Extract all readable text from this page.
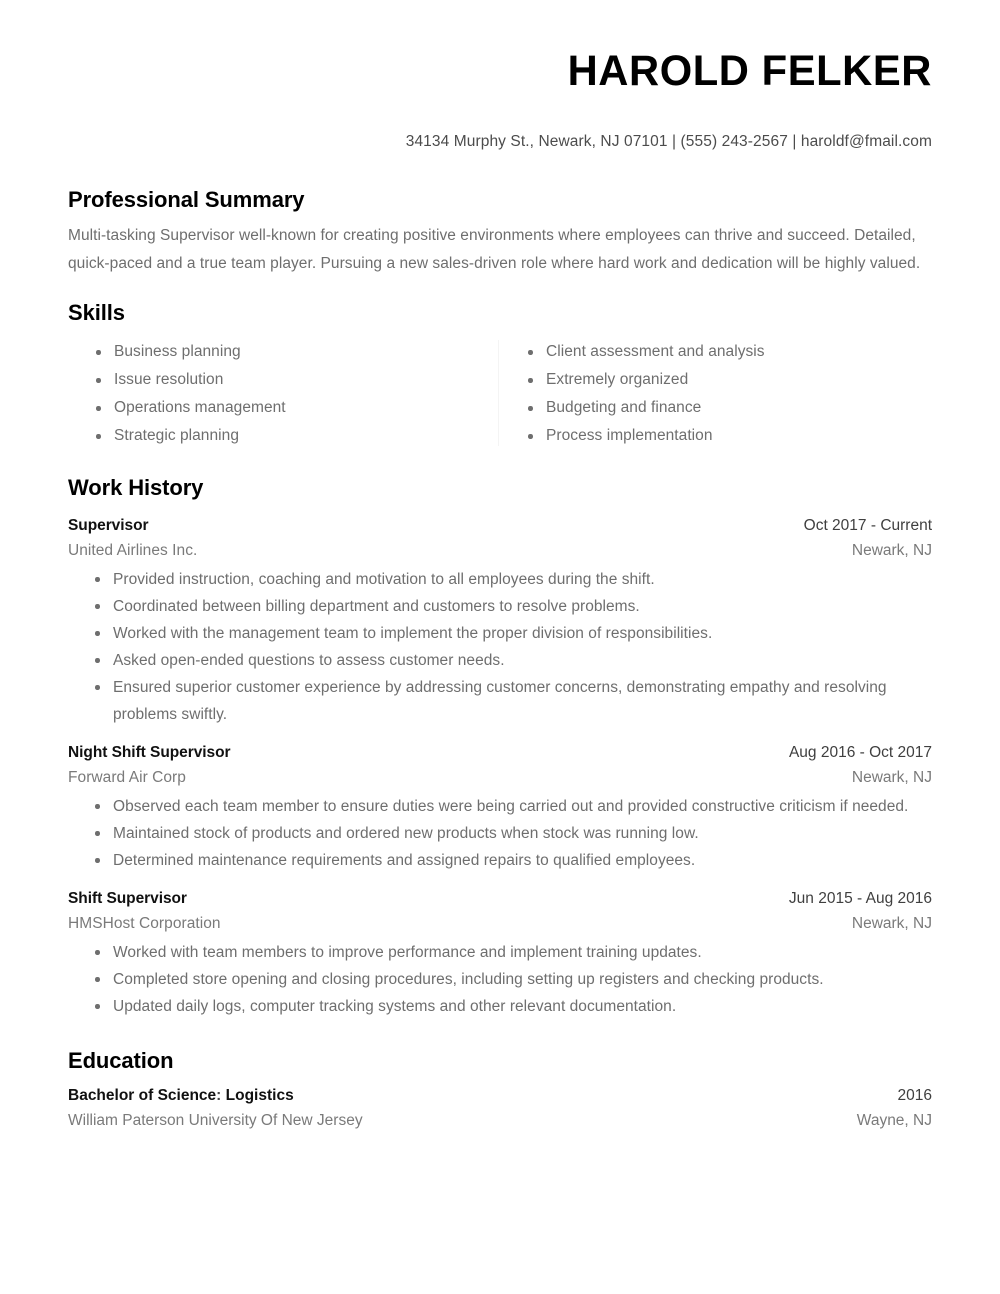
HAROLD FELKER
34134 Murphy St., Newark, NJ 07101 | (555) 243-2567 | haroldf@fmail.com
Professional Summary
Multi-tasking Supervisor well-known for creating positive environments where employees can thrive and succeed. Detailed, quick-paced and a true team player. Pursuing a new sales-driven role where hard work and dedication will be highly valued.
Skills
Business planning
Issue resolution
Operations management
Strategic planning
Client assessment and analysis
Extremely organized
Budgeting and finance
Process implementation
Work History
Supervisor	Oct 2017 - Current
United Airlines Inc.	Newark, NJ
Provided instruction, coaching and motivation to all employees during the shift.
Coordinated between billing department and customers to resolve problems.
Worked with the management team to implement the proper division of responsibilities.
Asked open-ended questions to assess customer needs.
Ensured superior customer experience by addressing customer concerns, demonstrating empathy and resolving problems swiftly.
Night Shift Supervisor	Aug 2016 - Oct 2017
Forward Air Corp	Newark, NJ
Observed each team member to ensure duties were being carried out and provided constructive criticism if needed.
Maintained stock of products and ordered new products when stock was running low.
Determined maintenance requirements and assigned repairs to qualified employees.
Shift Supervisor	Jun 2015 - Aug 2016
HMSHost Corporation	Newark, NJ
Worked with team members to improve performance and implement training updates.
Completed store opening and closing procedures, including setting up registers and checking products.
Updated daily logs, computer tracking systems and other relevant documentation.
Education
Bachelor of Science: Logistics	2016
William Paterson University Of New Jersey	Wayne, NJ
